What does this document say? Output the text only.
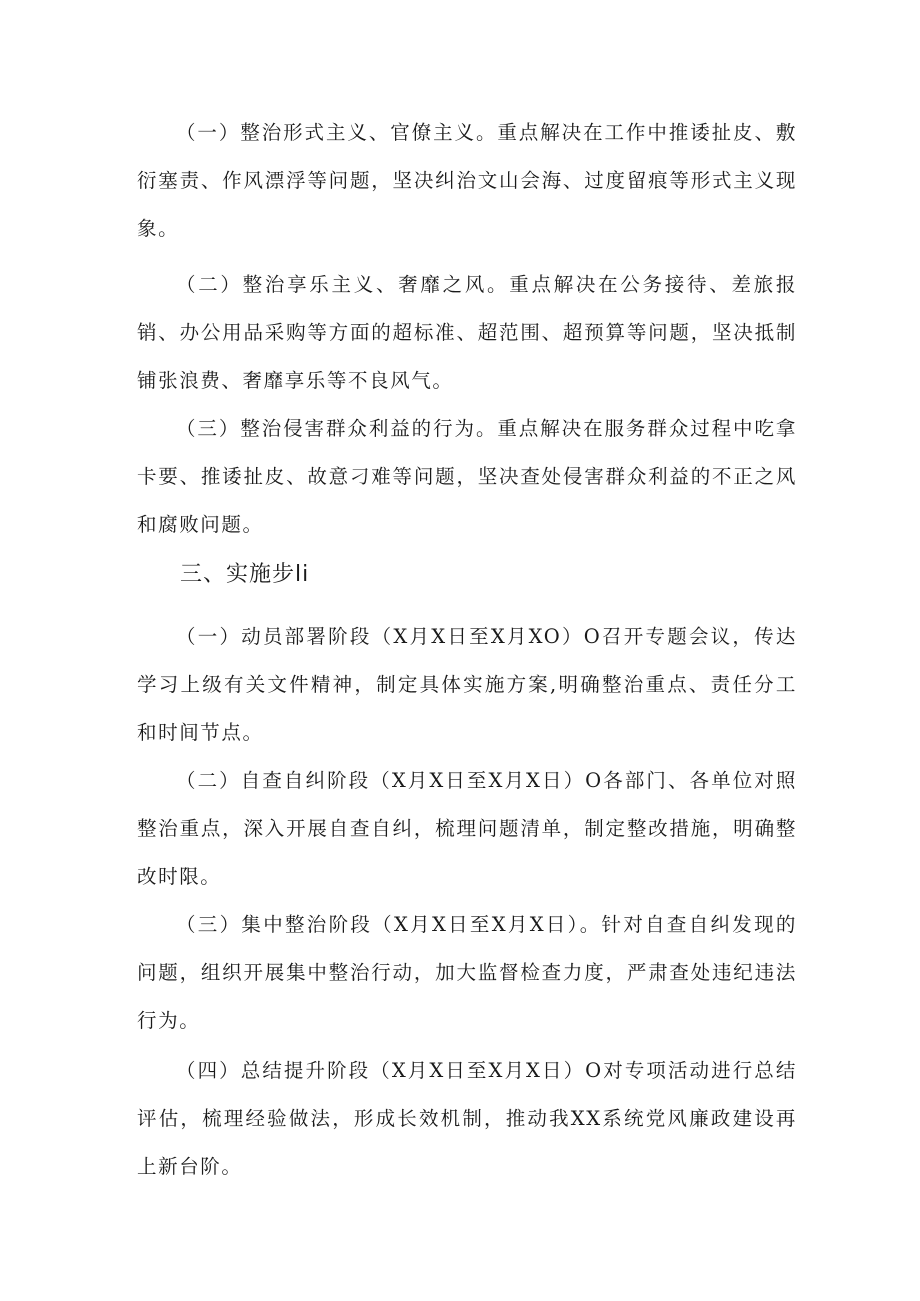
（一）整治形式主义、官僚主义。重点解决在工作中推诿扯皮、敷衍塞责、作风漂浮等问题，坚决纠治文山会海、过度留痕等形式主义现象。

（二）整治享乐主义、奢靡之风。重点解决在公务接待、差旅报销、办公用品采购等方面的超标准、超范围、超预算等问题，坚决抵制铺张浪费、奢靡享乐等不良风气。

（三）整治侵害群众利益的行为。重点解决在服务群众过程中吃拿卡要、推诿扯皮、故意刁难等问题，坚决查处侵害群众利益的不正之风和腐败问题。

三、实施步li

（一）动员部署阶段（X月X日至X月XO）O召开专题会议，传达学习上级有关文件精神，制定具体实施方案,明确整治重点、责任分工和时间节点。

（二）自查自纠阶段（X月X日至X月X日）O各部门、各单位对照整治重点，深入开展自查自纠，梳理问题清单，制定整改措施，明确整改时限。

（三）集中整治阶段（X月X日至X月X日）。针对自查自纠发现的问题，组织开展集中整治行动，加大监督检查力度，严肃查处违纪违法行为。

（四）总结提升阶段（X月X日至X月X日）O对专项活动进行总结评估，梳理经验做法，形成长效机制，推动我XX系统党风廉政建设再上新台阶。
